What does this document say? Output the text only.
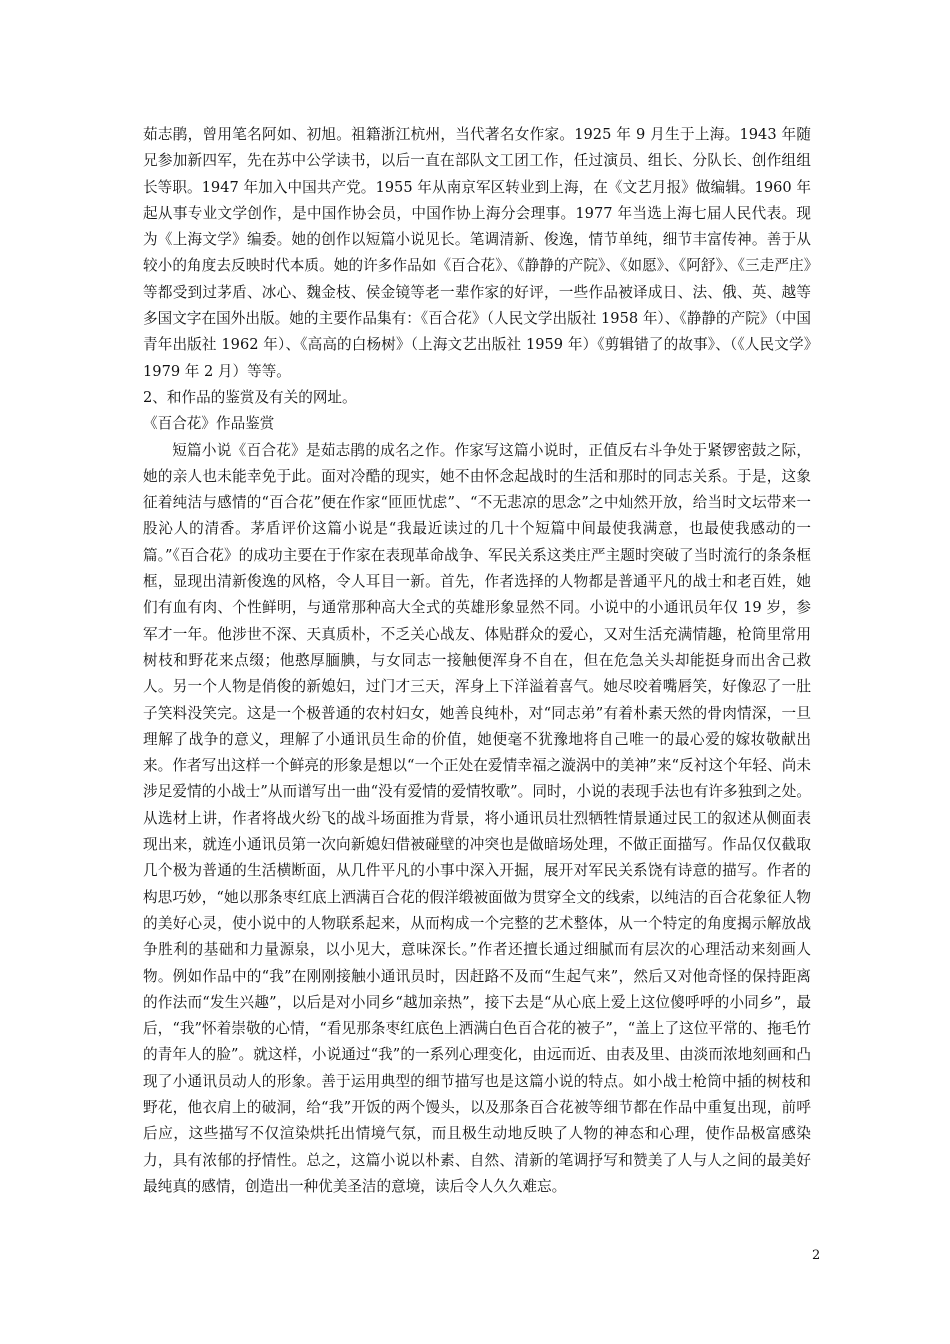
茹志鹃，曾用笔名阿如、初旭。祖籍浙江杭州，当代著名女作家。1925 年 9 月生于上海。1943 年随兄参加新四军，先在苏中公学读书，以后一直在部队文工团工作，任过演员、组长、分队长、创作组组长等职。1947 年加入中国共产党。1955 年从南京军区转业到上海，在《文艺月报》做编辑。1960 年起从事专业文学创作，是中国作协会员，中国作协上海分会理事。1977 年当选上海七届人民代表。现为《上海文学》编委。她的创作以短篇小说见长。笔调清新、俊逸，情节单纯，细节丰富传神。善于从较小的角度去反映时代本质。她的许多作品如《百合花》、《静静的产院》、《如愿》、《阿舒》、《三走严庄》等都受到过茅盾、冰心、魏金枝、侯金镜等老一辈作家的好评，一些作品被译成日、法、俄、英、越等多国文字在国外出版。她的主要作品集有：《百合花》（人民文学出版社 1958 年）、《静静的产院》（中国青年出版社 1962 年）、《高高的白杨树》（上海文艺出版社 1959 年）《剪辑错了的故事》、（《人民文学》1979 年 2 月）等等。

2、和作品的鉴赏及有关的网址。

《百合花》作品鉴赏

短篇小说《百合花》是茹志鹃的成名之作。作家写这篇小说时，正值反右斗争处于紧锣密鼓之际，她的亲人也未能幸免于此。面对冷酷的现实，她不由怀念起战时的生活和那时的同志关系。于是，这象征着纯洁与感情的“百合花”便在作家“匝匝忧虑”、“不无悲凉的思念”之中灿然开放，给当时文坛带来一股沁人的清香。茅盾评价这篇小说是“我最近读过的几十个短篇中间最使我满意，也最使我感动的一篇。”《百合花》的成功主要在于作家在表现革命战争、军民关系这类庄严主题时突破了当时流行的条条框框，显现出清新俊逸的风格，令人耳目一新。首先，作者选择的人物都是普通平凡的战士和老百姓，她们有血有肉、个性鲜明，与通常那种高大全式的英雄形象显然不同。小说中的小通讯员年仅 19 岁，参军才一年。他涉世不深、天真质朴，不乏关心战友、体贴群众的爱心，又对生活充满情趣，枪筒里常用树枝和野花来点缀；他憨厚腼腆，与女同志一接触便浑身不自在，但在危急关头却能挺身而出舍己救人。另一个人物是俏俊的新媳妇，过门才三天，浑身上下洋溢着喜气。她尽咬着嘴唇笑，好像忍了一肚子笑料没笑完。这是一个极普通的农村妇女，她善良纯朴，对“同志弟”有着朴素天然的骨肉情深，一旦理解了战争的意义，理解了小通讯员生命的价值，她便毫不犹豫地将自己唯一的最心爱的嫁妆敬献出来。作者写出这样一个鲜亮的形象是想以“一个正处在爱情幸福之漩涡中的美神”来“反衬这个年轻、尚未涉足爱情的小战士”从而谱写出一曲“没有爱情的爱情牧歌”。同时，小说的表现手法也有许多独到之处。从选材上讲，作者将战火纷飞的战斗场面推为背景，将小通讯员壮烈牺牲情景通过民工的叙述从侧面表现出来，就连小通讯员第一次向新媳妇借被碰壁的冲突也是做暗场处理，不做正面描写。作品仅仅截取几个极为普通的生活横断面，从几件平凡的小事中深入开掘，展开对军民关系饶有诗意的描写。作者的构思巧妙，“她以那条枣红底上洒满百合花的假洋缎被面做为贯穿全文的线索，以纯洁的百合花象征人物的美好心灵，使小说中的人物联系起来，从而构成一个完整的艺术整体，从一个特定的角度揭示解放战争胜利的基础和力量源泉，以小见大，意味深长。”作者还擅长通过细腻而有层次的心理活动来刻画人物。例如作品中的“我”在刚刚接触小通讯员时，因赶路不及而“生起气来”，然后又对他奇怪的保持距离的作法而“发生兴趣”，以后是对小同乡“越加亲热”，接下去是“从心底上爱上这位傻呼呼的小同乡”，最后，“我”怀着崇敬的心情，“看见那条枣红底色上洒满白色百合花的被子”，“盖上了这位平常的、拖毛竹的青年人的脸”。就这样，小说通过“我”的一系列心理变化，由远而近、由表及里、由淡而浓地刻画和凸现了小通讯员动人的形象。善于运用典型的细节描写也是这篇小说的特点。如小战士枪筒中插的树枝和野花，他衣肩上的破洞，给“我”开饭的两个馒头，以及那条百合花被等细节都在作品中重复出现，前呼后应，这些描写不仅渲染烘托出情境气氛，而且极生动地反映了人物的神态和心理，使作品极富感染力，具有浓郁的抒情性。总之，这篇小说以朴素、自然、清新的笔调抒写和赞美了人与人之间的最美好最纯真的感情，创造出一种优美圣洁的意境，读后令人久久难忘。

2
